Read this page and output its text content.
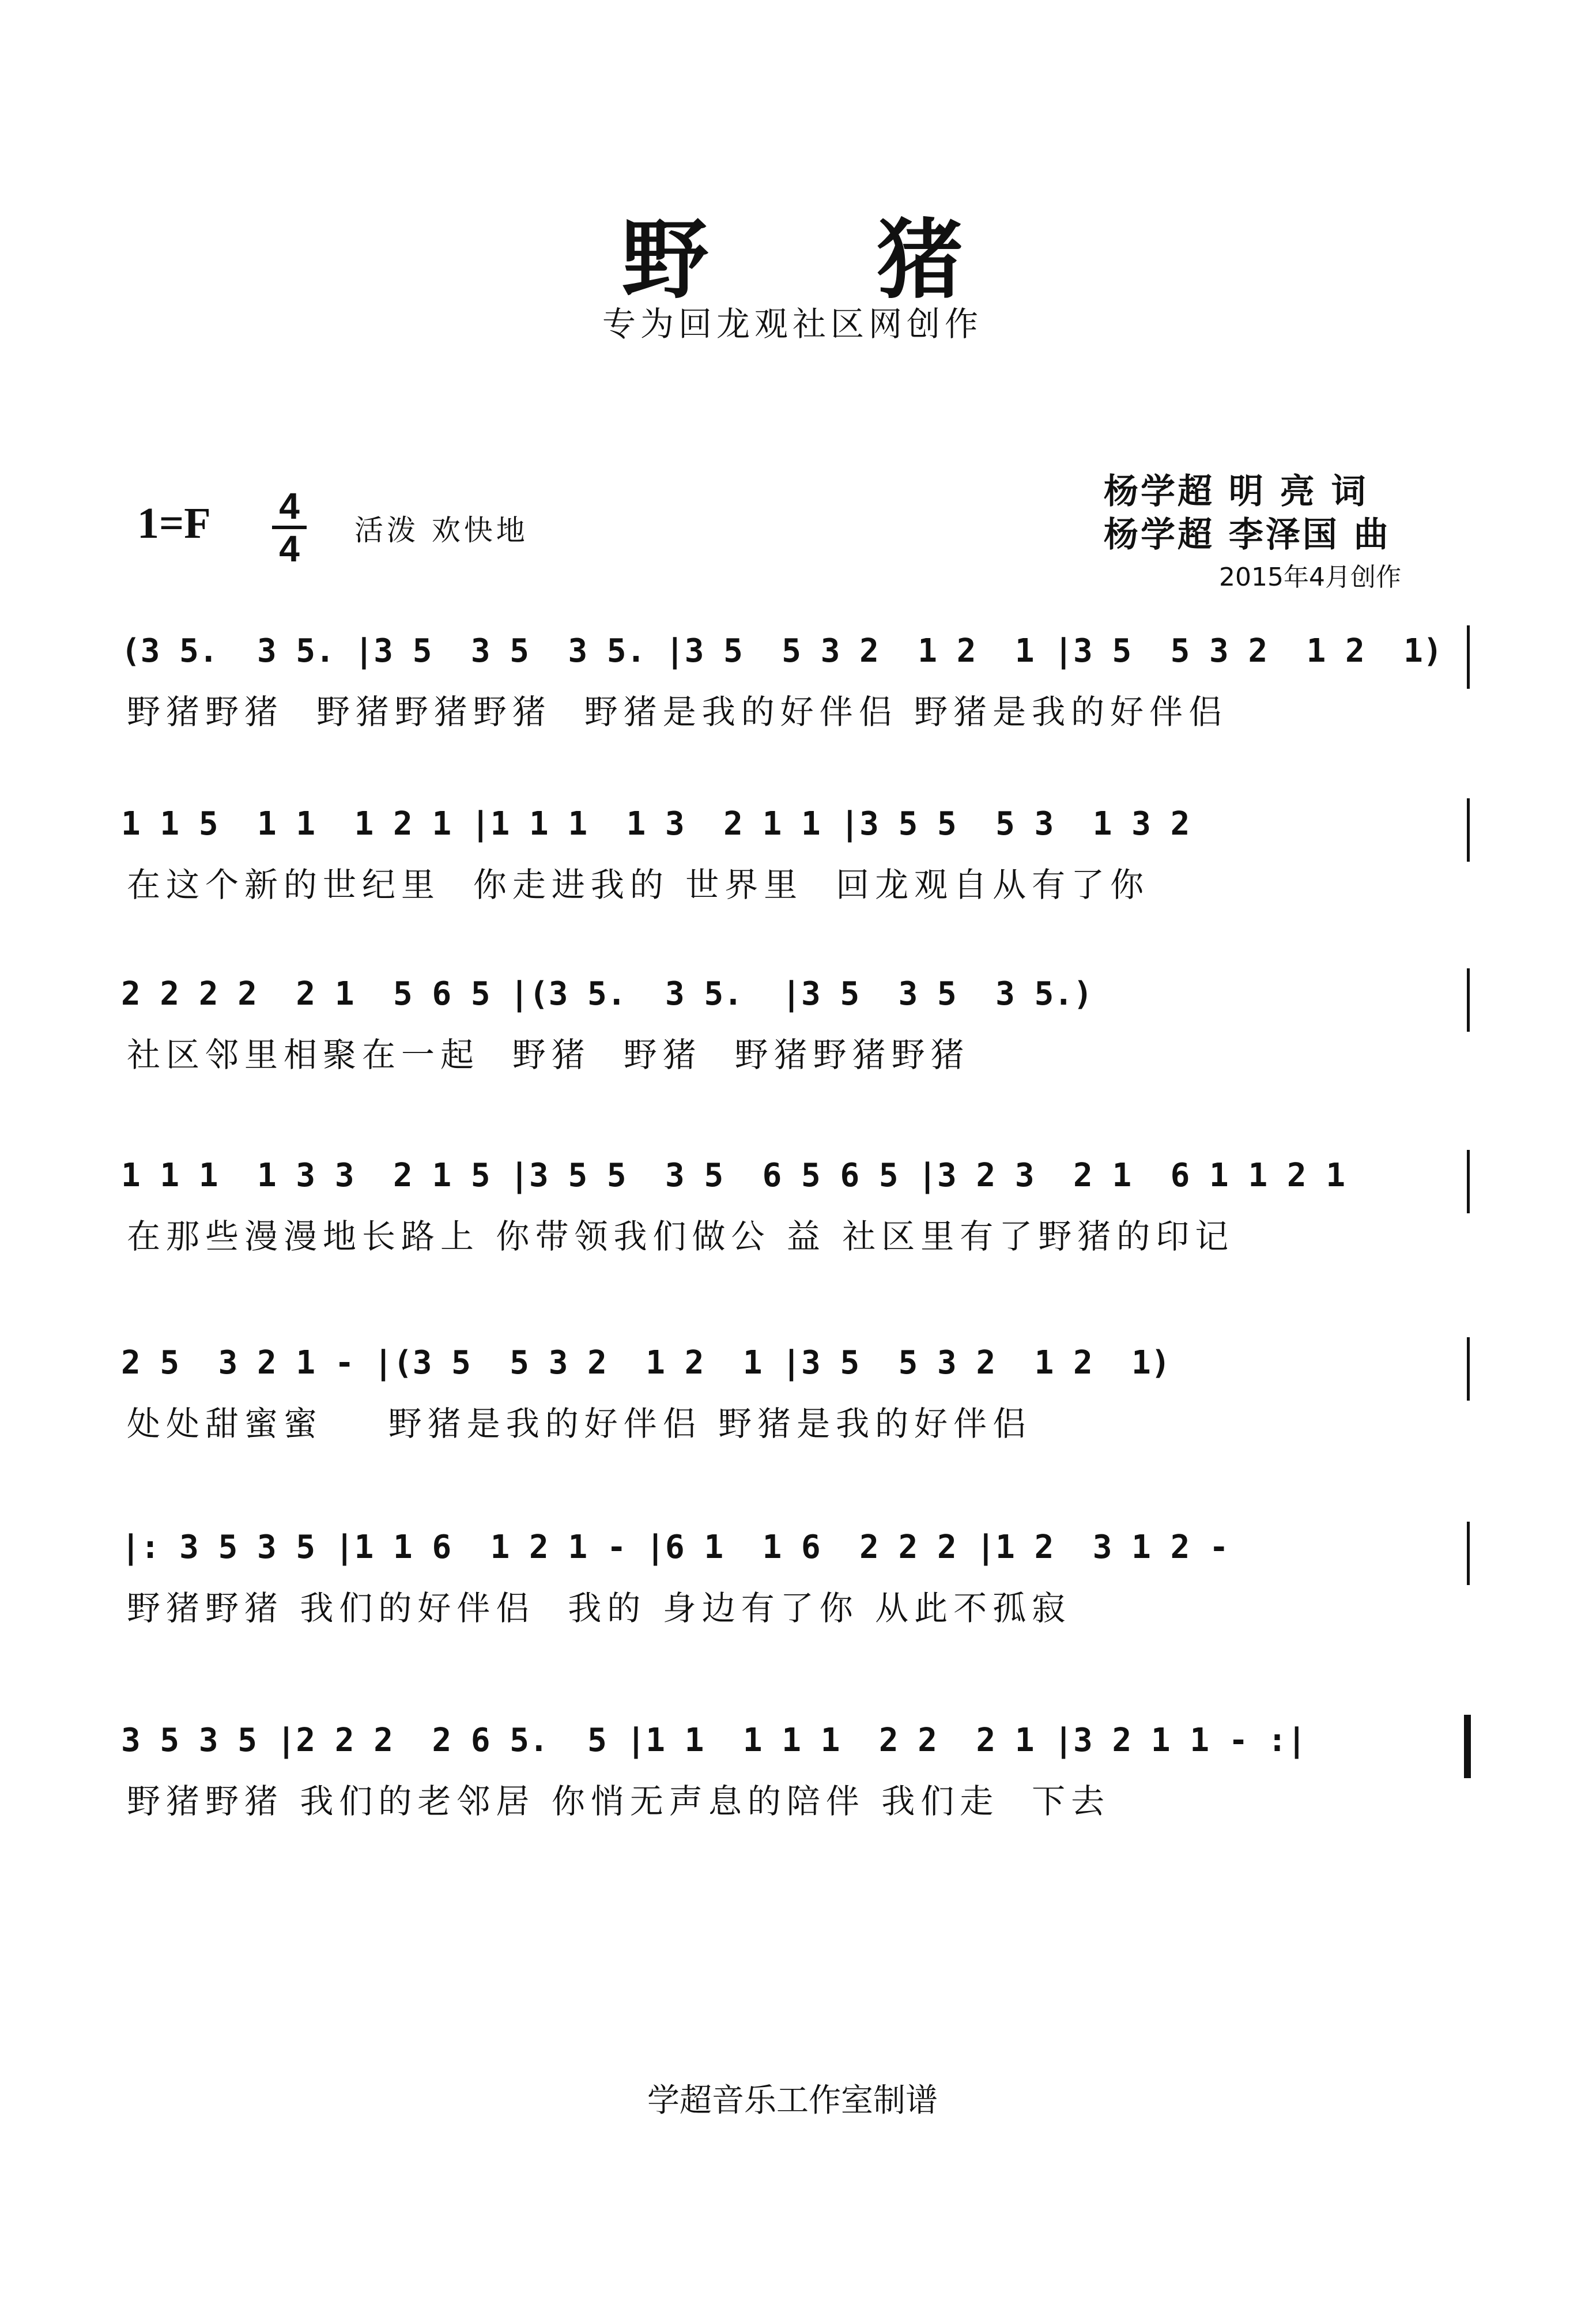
野 猪
专为回龙观社区网创作
1=F 4
4 活泼 欢快地
杨学超 明 亮 词
杨学超 李泽国 曲
2015年4月创作
(3 5.  3 5. |3 5  3 5  3 5. |3 5  5 3 2  1 2  1 |3 5  5 3 2  1 2  1)
野猪野猪  野猪野猪野猪  野猪是我的好伴侣 野猪是我的好伴侣
1 1 5  1 1  1 2 1 |1 1 1  1 3  2 1 1 |3 5 5  5 3  1 3 2
在这个新的世纪里  你走进我的 世界里  回龙观自从有了你
2 2 2 2  2 1  5 6 5 |(3 5.  3 5.  |3 5  3 5  3 5.)
社区邻里相聚在一起  野猪  野猪  野猪野猪野猪
1 1 1  1 3 3  2 1 5 |3 5 5  3 5  6 5 6 5 |3 2 3  2 1  6 1 1 2 1
在那些漫漫地长路上 你带领我们做公 益 社区里有了野猪的印记
2 5  3 2 1 - |(3 5  5 3 2  1 2  1 |3 5  5 3 2  1 2  1)
处处甜蜜蜜    野猪是我的好伴侣 野猪是我的好伴侣
|: 3 5 3 5 |1 1 6  1 2 1 - |6 1  1 6  2 2 2 |1 2  3 1 2 -
野猪野猪 我们的好伴侣  我的 身边有了你 从此不孤寂
3 5 3 5 |2 2 2  2 6 5.  5 |1 1  1 1 1  2 2  2 1 |3 2 1 1 - :|
野猪野猪 我们的老邻居 你悄无声息的陪伴 我们走  下去
学超音乐工作室制谱
